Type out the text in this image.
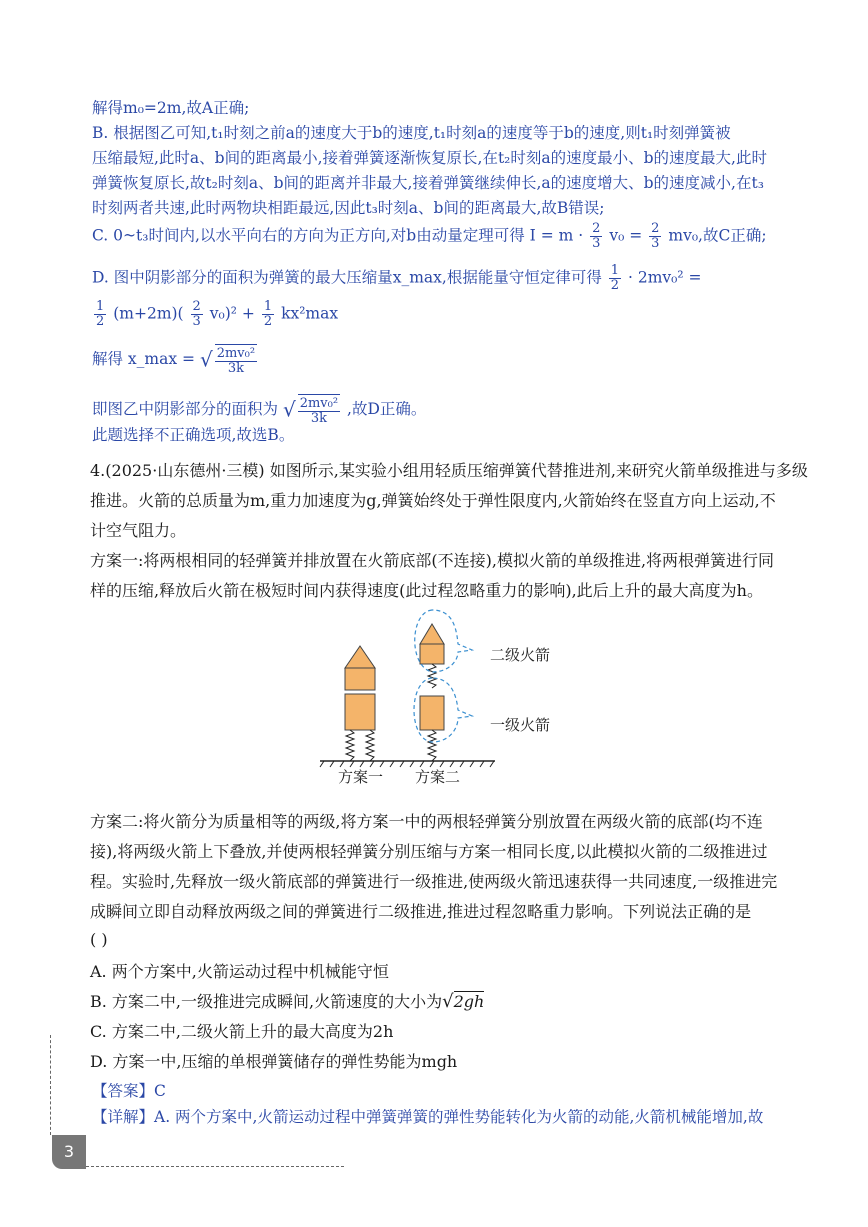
解得m₀=2m,故A正确;
B. 根据图乙可知,t₁时刻之前a的速度大于b的速度,t₁时刻a的速度等于b的速度,则t₁时刻弹簧被
压缩最短,此时a、b间的距离最小,接着弹簧逐渐恢复原长,在t₂时刻a的速度最小、b的速度最大,此时
弹簧恢复原长,故t₂时刻a、b间的距离并非最大,接着弹簧继续伸长,a的速度增大、b的速度减小,在t₃
时刻两者共速,此时两物块相距最远,因此t₃时刻a、b间的距离最大,故B错误;
C. 0~t₃时间内,以水平向右的方向为正方向,对b由动量定理可得 $I = m \cdot \frac{2}{3} v_0 = \frac{2}{3} mv_0$,故C正确;
D. 图中阴影部分的面积为弹簧的最大压缩量x_max,根据能量守恒定律可得 $\frac{1}{2} \cdot 2mv_0^2$ =
$\frac{1}{2} (m+2m)( \frac{2}{3} v_0)^2 + \frac{1}{2} kx^2\max$
解得 x_max = √ $\frac{\text{2mv₀²}}{3k}$
即图乙中阴影部分的面积为 √ $\frac{\text{2mv₀²}}{3k}$ ,故D正确。
此题选择不正确选项,故选B。
4.(2025·山东德州·三模) 如图所示,某实验小组用轻质压缩弹簧代替推进剂,来研究火箭单级推进与多级
推进。火箭的总质量为m,重力加速度为g,弹簧始终处于弹性限度内,火箭始终在竖直方向上运动,不
计空气阻力。
方案一:将两根相同的轻弹簧并排放置在火箭底部(不连接),模拟火箭的单级推进,将两根弹簧进行同
样的压缩,释放后火箭在极短时间内获得速度(此过程忽略重力的影响),此后上升的最大高度为h。
二级火箭
一级火箭
方案一 方案二
方案二:将火箭分为质量相等的两级,将方案一中的两根轻弹簧分别放置在两级火箭的底部(均不连
接),将两级火箭上下叠放,并使两根轻弹簧分别压缩与方案一相同长度,以此模拟火箭的二级推进过
程。实验时,先释放一级火箭底部的弹簧进行一级推进,使两级火箭迅速获得一共同速度,一级推进完
成瞬间立即自动释放两级之间的弹簧进行二级推进,推进过程忽略重力影响。下列说法正确的是
( )
A. 两个方案中,火箭运动过程中机械能守恒
B. 方案二中,一级推进完成瞬间,火箭速度的大小为√2gh
C. 方案二中,二级火箭上升的最大高度为2h
D. 方案一中,压缩的单根弹簧储存的弹性势能为mgh
【答案】C
【详解】A. 两个方案中,火箭运动过程中弹簧弹簧的弹性势能转化为火箭的动能,火箭机械能增加,故
3
